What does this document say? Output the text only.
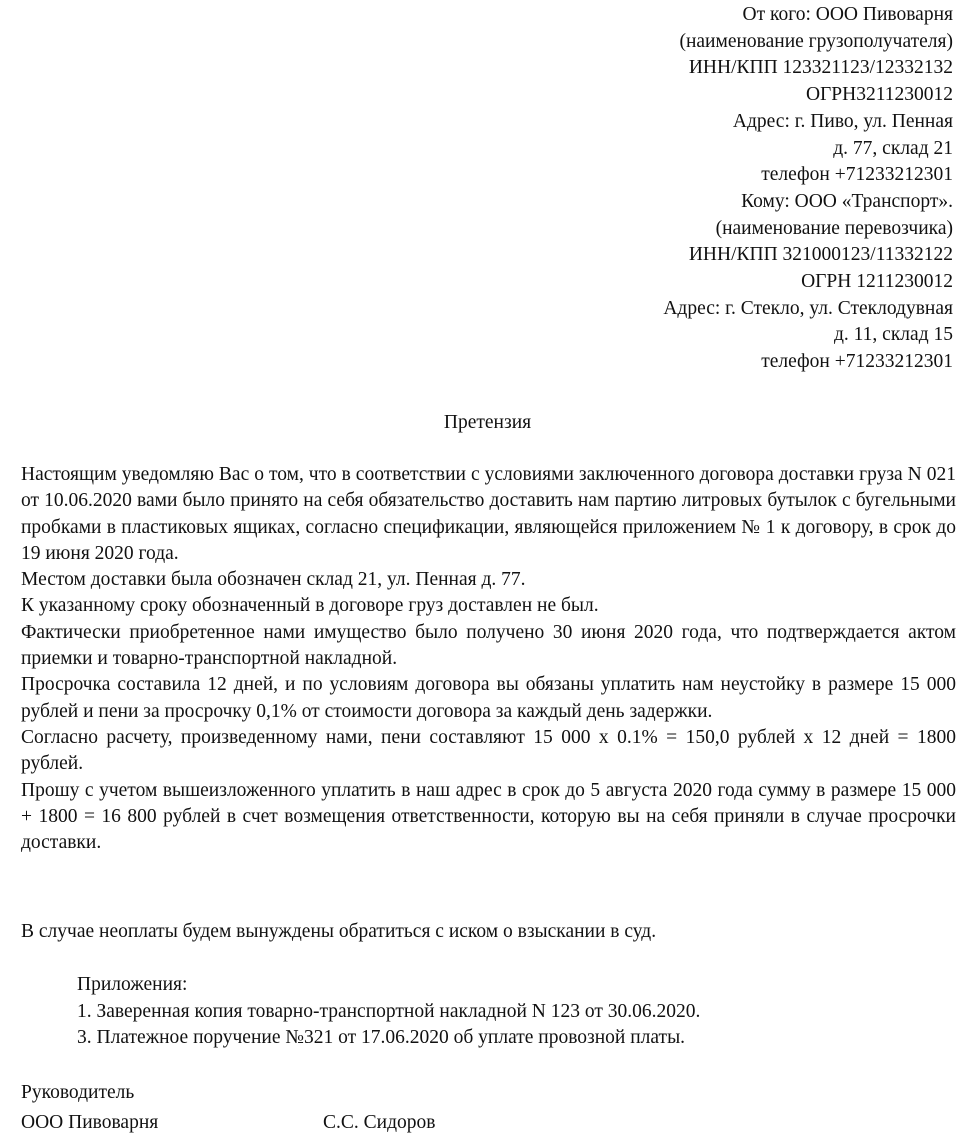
От кого: ООО Пивоварня
(наименование грузополучателя)
ИНН/КПП 123321123/12332132
ОГРН3211230012
Адрес: г. Пиво, ул. Пенная
д. 77, склад 21
телефон +71233212301
Кому: ООО «Транспорт».
(наименование перевозчика)
ИНН/КПП 321000123/11332122
ОГРН 1211230012
Адрес: г. Стекло, ул. Стеклодувная
д. 11, склад 15
телефон +71233212301
Претензия

Настоящим уведомляю Вас о том, что в соответствии с условиями заключенного договора доставки груза N 021 от 10.06.2020 вами было принято на себя обязательство доставить нам партию литровых бутылок с бугельными пробками в пластиковых ящиках, согласно спецификации, являющейся приложением № 1 к договору, в срок до 19 июня 2020 года.

Местом доставки была обозначен склад 21, ул. Пенная д. 77.

К указанному сроку обозначенный в договоре груз доставлен не был.

Фактически приобретенное нами имущество было получено 30 июня 2020 года, что подтверждается актом приемки и товарно-транспортной накладной.

Просрочка составила 12 дней, и по условиям договора вы обязаны уплатить нам неустойку в размере 15 000 рублей и пени за просрочку 0,1% от стоимости договора за каждый день задержки.

Согласно расчету, произведенному нами, пени составляют 15 000 х 0.1% = 150,0 рублей х 12 дней = 1800 рублей.

Прошу с учетом вышеизложенного уплатить в наш адрес в срок до 5 августа 2020 года сумму в размере 15 000 + 1800 = 16 800 рублей в счет возмещения ответственности, которую вы на себя приняли в случае просрочки доставки.

В случае неоплаты будем вынуждены обратиться с иском о взыскании в суд.
Приложения:
1. Заверенная копия товарно-транспортной накладной N 123 от 30.06.2020.
3. Платежное поручение №321 от 17.06.2020 об уплате провозной платы.
Руководитель
ООО Пивоварня	С.С. Сидоров
